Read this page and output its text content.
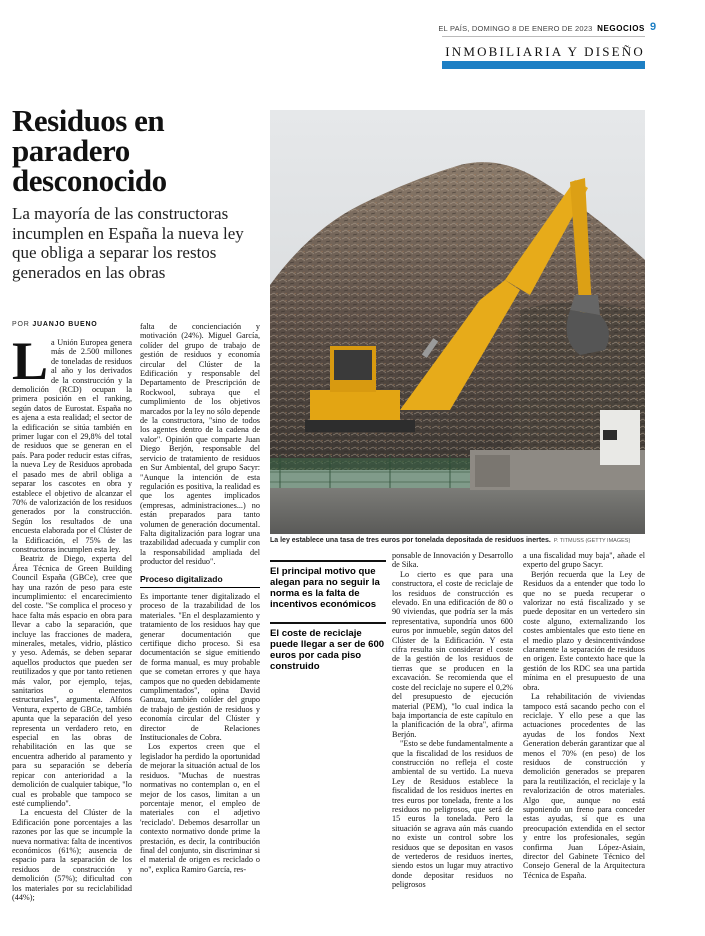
EL PAÍS, DOMINGO 8 DE ENERO DE 2023 NEGOCIOS 9
INMOBILIARIA Y DISEÑO
Residuos en paradero desconocido
La mayoría de las constructoras incumplen en España la nueva ley que obliga a separar los restos generados en las obras
POR JUANJO BUENO
La ley establece una tasa de tres euros por tonelada depositada de residuos inertes. P. TITMUSS (GETTY IMAGES)
El principal motivo que alegan para no seguir la norma es la falta de incentivos económicos
El coste de reciclaje puede llegar a ser de 600 euros por cada piso construido
L a Unión Europea genera más de 2.500 millones de toneladas de residuos al año y los derivados de la construcción y la demolición (RCD) ocupan la primera posición en el ranking, según datos de Eurostat. España no es ajena a esta realidad; el sector de la edificación se sitúa también en primer lugar con el 29,8% del total de residuos que se generan en el país. Para poder reducir estas cifras, la nueva Ley de Residuos aprobada el pasado mes de abril obliga a separar los cascotes en obra y establece el objetivo de alcanzar el 70% de valorización de los residuos generados por la construcción. Según los resultados de una encuesta elaborada por el Clúster de la Edificación, el 75% de las constructoras incumplen esta ley.

Beatriz de Diego, experta del Área Técnica de Green Building Council España (GBCe), cree que hay una razón de peso para este incumplimiento: el encarecimiento del coste. "Se complica el proceso y hace falta más espacio en obra para llevar a cabo la separación, que incluye las fracciones de madera, minerales, metales, vidrio, plástico y yeso. Además, se deben separar aquellos productos que pueden ser reutilizados y que por tanto retienen más valor, por ejemplo, tejas, sanitarios o elementos estructurales", argumenta. Alfons Ventura, experto de GBCe, también apunta que la separación del yeso representa un verdadero reto, en especial en las obras de rehabilitación en las que se encuentra adherido al paramento y para su separación se debería repicar con anterioridad a la demolición de cualquier tabique, "lo cual es probable que tampoco se esté cumpliendo".

La encuesta del Clúster de la Edificación pone porcentajes a las razones por las que se incumple la nueva normativa: falta de incentivos económicos (61%); ausencia de espacio para la separación de los residuos de construcción y demolición (57%); dificultad con los materiales por su reciclabilidad (44%);

falta de concienciación y motivación (24%). Miguel García, colíder del grupo de trabajo de gestión de residuos y economía circular del Clúster de la Edificación y responsable del Departamento de Prescripción de Rockwool, subraya que el cumplimiento de los objetivos marcados por la ley no sólo depende de la constructora, "sino de todos los agentes dentro de la cadena de valor". Opinión que comparte Juan Diego Berjón, responsable del servicio de tratamiento de residuos en Sur Ambiental, del grupo Sacyr: "Aunque la intención de esta regulación es positiva, la realidad es que los agentes implicados (empresas, administraciones...) no están preparados para tanto volumen de generación documental. Falta digitalización para lograr una trazabilidad adecuada y cumplir con la responsabilidad ampliada del productor del residuo".

Proceso digitalizado

Es importante tener digitalizado el proceso de la trazabilidad de los materiales. "En el desplazamiento y tratamiento de los residuos hay que generar documentación que certifique dicho proceso. Si esa documentación se sigue emitiendo de forma manual, es muy probable que se cometan errores y que haya campos que no queden debidamente cumplimentados", opina David Ganuza, también colíder del grupo de trabajo de gestión de residuos y economía circular del Clúster y director de Relaciones Institucionales de Cobra.

Los expertos creen que el legislador ha perdido la oportunidad de mejorar la situación actual de los residuos. "Muchas de nuestras normativas no contemplan o, en el mejor de los casos, limitan a un porcentaje menor, el empleo de materiales con el adjetivo 'reciclado'. Debemos desarrollar un contexto normativo donde prime la prestación, es decir, la contribución final del conjunto, sin discriminar si el material de origen es reciclado o no", explica Ramiro García, res-

ponsable de Innovación y Desarrollo de Sika.

Lo cierto es que para una constructora, el coste de reciclaje de los residuos de construcción es elevado. En una edificación de 80 o 90 viviendas, que podría ser la más representativa, supondría unos 600 euros por inmueble, según datos del Clúster de la Edificación. Y esta cifra resulta sin considerar el coste de la gestión de los residuos de tierras que se producen en la excavación. Se recomienda que el coste del reciclaje no supere el 0,2% del presupuesto de ejecución material (PEM), "lo cual indica la baja importancia de este capítulo en la planificación de la obra", afirma Berjón.

"Esto se debe fundamentalmente a que la fiscalidad de los residuos de construcción no refleja el coste ambiental de su vertido. La nueva Ley de Residuos establece la fiscalidad de los residuos inertes en tres euros por tonelada, frente a los residuos no peligrosos, que será de 15 euros la tonelada. Pero la situación se agrava aún más cuando no existe un control sobre los residuos que se depositan en vasos de vertederos de residuos inertes, siendo estos un lugar muy atractivo donde depositar residuos no peligrosos

a una fiscalidad muy baja", añade el experto del grupo Sacyr.

Berjón recuerda que la Ley de Residuos da a entender que todo lo que no se pueda recuperar o valorizar no está fiscalizado y se puede depositar en un vertedero sin coste alguno, externalizando los costes ambientales que esto tiene en el medio plazo y desincentivándose claramente la separación de residuos en origen. Este contexto hace que la gestión de los RDC sea una partida mínima en el presupuesto de una obra.

La rehabilitación de viviendas tampoco está sacando pecho con el reciclaje. Y ello pese a que las actuaciones procedentes de las ayudas de los fondos Next Generation deberán garantizar que al menos el 70% (en peso) de los residuos de construcción y demolición generados se preparen para la reutilización, el reciclaje y la revalorización de otros materiales. Algo que, aunque no está suponiendo un freno para conceder estas ayudas, sí que es una preocupación extendida en el sector y entre los profesionales, según confirma Juan López-Asiain, director del Gabinete Técnico del Consejo General de la Arquitectura Técnica de España.
